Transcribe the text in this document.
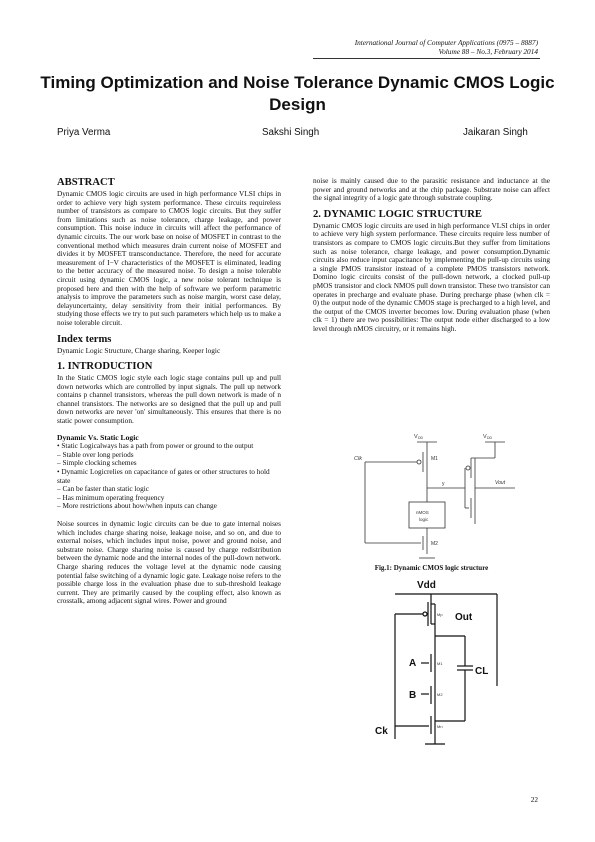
International Journal of Computer Applications (0975 – 8887)
Volume 88 – No.3, February 2014
Timing Optimization and Noise Tolerance Dynamic CMOS Logic Design
Priya Verma	Sakshi Singh	Jaikaran Singh
ABSTRACT

Dynamic CMOS logic circuits are used in high performance VLSI chips in order to achieve very high system performance. These circuits requireless number of transistors as compare to CMOS logic circuits. But they suffer from limitations such as noise tolerance, charge leakage, and power consumption. This noise induce in circuits will affect the performance of dynamic circuits. The our work base on noise of MOSFET in contrast to the conventional method which measures drain current noise of MOSFET and divides it by MOSFET transconductance. Therefore, the need for accurate measurement of I−V characteristics of the MOSFET is eliminated, leading to the better accuracy of the measured noise. To design a noise tolerable circuit using dynamic CMOS logic, a new noise tolerant technique is proposed here and then with the help of software we perform parametric analysis to improve the parameters such as noise margin, worst case delay, delayuncertainty, delay sensitivity from their initial performances. By studying those effects we try to put such parameters which help us to make a noise tolerable circuit.

Index terms

Dynamic Logic Structure, Charge sharing, Keeper logic

1. INTRODUCTION

In the Static CMOS logic style each logic stage contains pull up and pull down networks which are controlled by input signals. The pull up network contains p channel transistors, whereas the pull down network is made of n channel transistors. The networks are so designed that the pull up and pull down networks are never 'on' simultaneously. This ensures that there is no static power consumption.

Dynamic Vs. Static Logic
• Static Logicalways has a path from power or ground to the output
– Stable over long periods
– Simple clocking schemes
• Dynamic Logicrelies on capacitance of gates or other structures to hold state
– Can be faster than static logic
– Has minimum operating frequency
– More restrictions about how/when inputs can change

Noise sources in dynamic logic circuits can be due to gate internal noises which includes charge sharing noise, leakage noise, and so on, and due to external noises, which includes input noise, power and ground noise, and substrate noise. Charge sharing noise is caused by charge redistribution between the dynamic node and the internal nodes of the pull-down network. Charge sharing reduces the voltage level at the dynamic node causing potential false switching of a dynamic logic gate. Leakage noise refers to the possible charge loss in the evaluation phase due to sub-threshold leakage current. They are primarily caused by the coupling effect, also known as crosstalk, among adjacent signal wires. Power and ground

noise is mainly caused due to the parasitic resistance and inductance at the power and ground networks and at the chip package. Substrate noise can affect the signal integrity of a logic gate through substrate coupling.

2. DYNAMIC LOGIC STRUCTURE

Dynamic CMOS logic circuits are used in high performance VLSI chips in order to achieve very high system performance. These circuits require less number of transistors as compare to CMOS logic circuits.But they suffer from limitations such as noise tolerance, charge leakage, and power consumption.Dynamic circuits also reduce input capacitance by implementing the pull-up circuits using a single PMOS transistor instead of a complete PMOS transistors network. Domino logic circuits consist of the pull-down network, a clocked pull-up pMOS transistor and clock NMOS pull down transistor. These two transistor can operates in precharge and evaluate phase. During precharge phase (when clk = 0) the output node of the dynamic CMOS stage is precharged to a high level, and the output of the CMOS inverter becomes low. During evaluation phase (when clk = 1) there are two possibilities: The output node either discharged to a low level through nMOS circuitry, or it remains high.

V DD	V DD
Clk	M1
y	Vout
nMOS
logic
M2
Fig.1: Dynamic CMOS logic structure
Vdd
Out
A
B
CL
Ck
Mp
M1
M2
Mn
22
